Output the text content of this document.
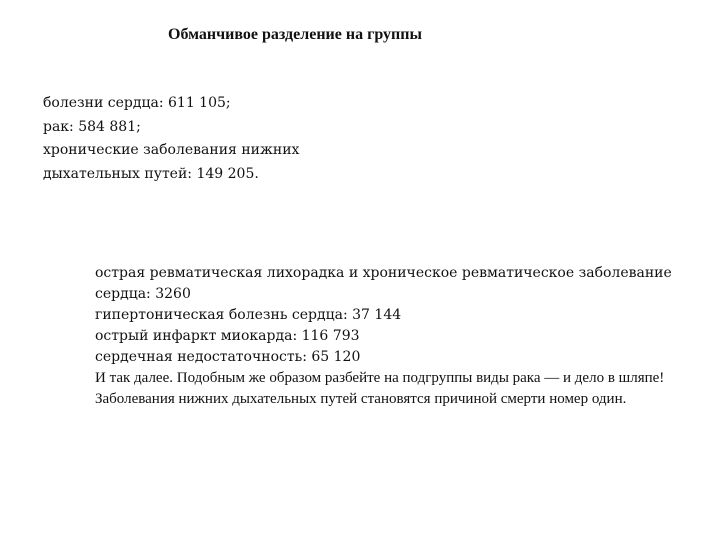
Обманчивое разделение на группы
болезни сердца: 611 105;
рак: 584 881;
хронические заболевания нижних
дыхательных путей: 149 205.
острая ревматическая лихорадка и хроническое ревматическое заболевание
сердца: 3260
гипертоническая болезнь сердца: 37 144
острый инфаркт миокарда: 116 793
сердечная недостаточность: 65 120
И так далее. Подобным же образом разбейте на подгруппы виды рака — и дело в шляпе! Заболевания нижних дыхательных путей становятся причиной смерти номер один.
